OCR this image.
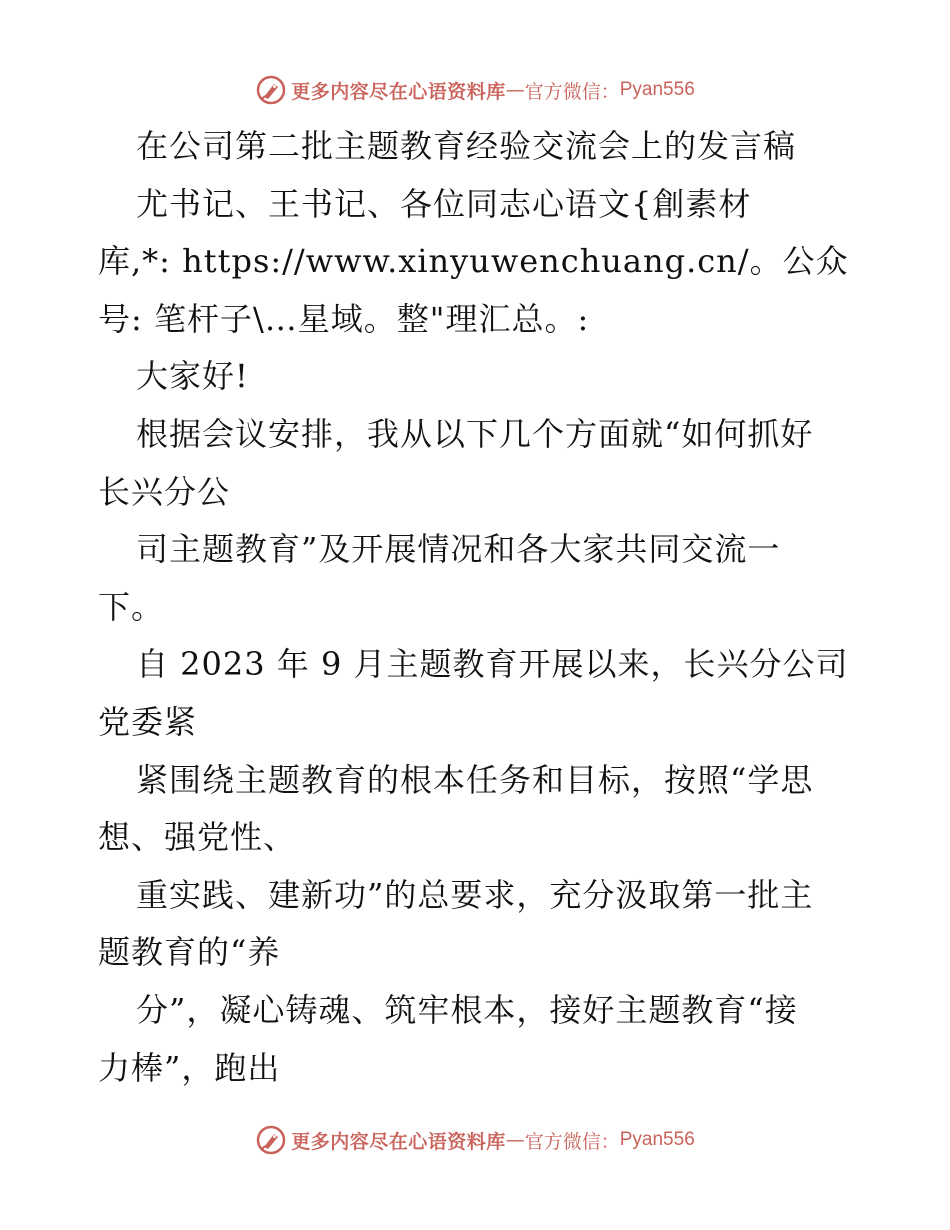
更多内容尽在心语资料库 — 官方微信： Pyan556
在公司第二批主题教育经验交流会上的发言稿
尤书记、王书记、各位同志心语文{創素材
库,*: https://www.xinyuwenchuang.cn/。公众
号: 笔杆子\…星域。整"理汇总。:
大家好!
根据会议安排，我从以下几个方面就“如何抓好
长兴分公
司主题教育”及开展情况和各大家共同交流一
下。
自 2023 年 9 月主题教育开展以来，长兴分公司
党委紧
紧围绕主题教育的根本任务和目标，按照“学思
想、强党性、
重实践、建新功”的总要求，充分汲取第一批主
题教育的“养
分”，凝心铸魂、筑牢根本，接好主题教育“接
力棒”，跑出
更多内容尽在心语资料库 — 官方微信： Pyan556
